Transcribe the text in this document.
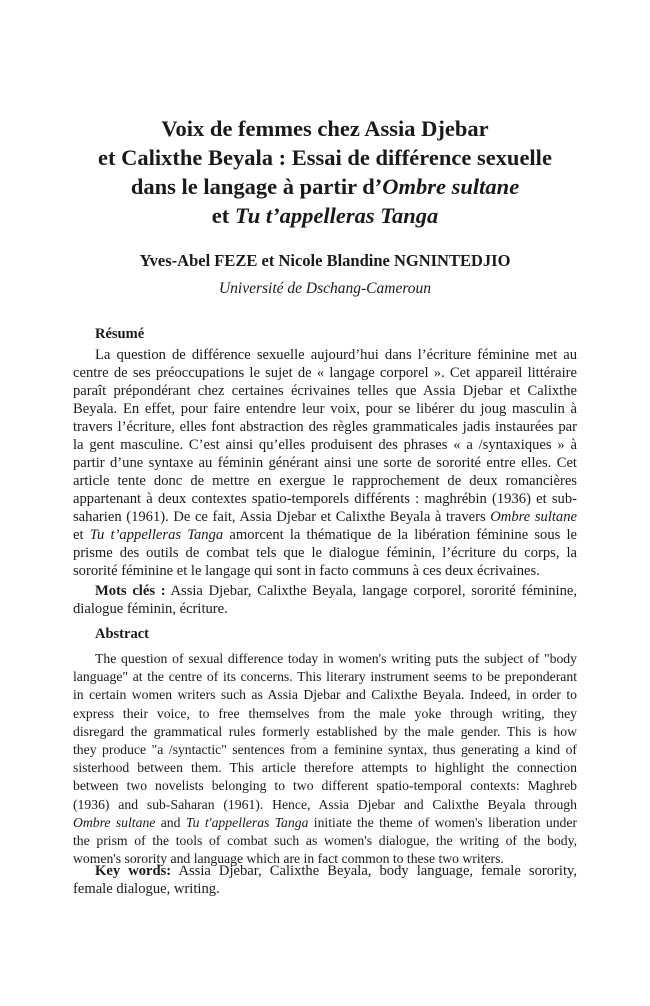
Voix de femmes chez Assia Djebar
et Calixthe Beyala : Essai de différence sexuelle
dans le langage à partir d’Ombre sultane
et Tu t’appelleras Tanga
Yves-Abel FEZE et Nicole Blandine NGNINTEDJIO
Université de Dschang-Cameroun
Résumé
La question de différence sexuelle aujourd’hui dans l’écriture féminine met au
centre de ses préoccupations le sujet de « langage corporel ». Cet appareil littéraire
paraît prépondérant chez certaines écrivaines telles que Assia Djebar et Calixthe
Beyala. En effet, pour faire entendre leur voix, pour se libérer du joug masculin à
travers l’écriture, elles font abstraction des règles grammaticales jadis instaurées par
la gent masculine. C’est ainsi qu’elles produisent des phrases « a /syntaxiques » à
partir d’une syntaxe au féminin générant ainsi une sorte de sororité entre elles. Cet
article tente donc de mettre en exergue le rapprochement de deux romancières
appartenant à deux contextes spatio-temporels différents : maghrébin (1936) et sub-
saharien (1961). De ce fait, Assia Djebar et Calixthe Beyala à travers Ombre sultane
et Tu t’appelleras Tanga amorcent la thématique de la libération féminine sous le
prisme des outils de combat tels que le dialogue féminin, l’écriture du corps, la
sororité féminine et le langage qui sont in facto communs à ces deux écrivaines.
Mots clés : Assia Djebar, Calixthe Beyala, langage corporel, sororité féminine,
dialogue féminin, écriture.
Abstract
The question of sexual difference today in women's writing puts the subject of "body
language" at the centre of its concerns. This literary instrument seems to be preponderant
in certain women writers such as Assia Djebar and Calixthe Beyala. Indeed, in order to
express their voice, to free themselves from the male yoke through writing, they
disregard the grammatical rules formerly established by the male gender. This is how
they produce "a /syntactic" sentences from a feminine syntax, thus generating a kind of
sisterhood between them. This article therefore attempts to highlight the connection
between two novelists belonging to two different spatio-temporal contexts: Maghreb
(1936) and sub-Saharan (1961). Hence, Assia Djebar and Calixthe Beyala through
Ombre sultane and Tu t'appelleras Tanga initiate the theme of women's liberation under
the prism of the tools of combat such as women's dialogue, the writing of the body,
women's sorority and language which are in fact common to these two writers.
Key words: Assia Djebar, Calixthe Beyala, body language, female sorority,
female dialogue, writing.
